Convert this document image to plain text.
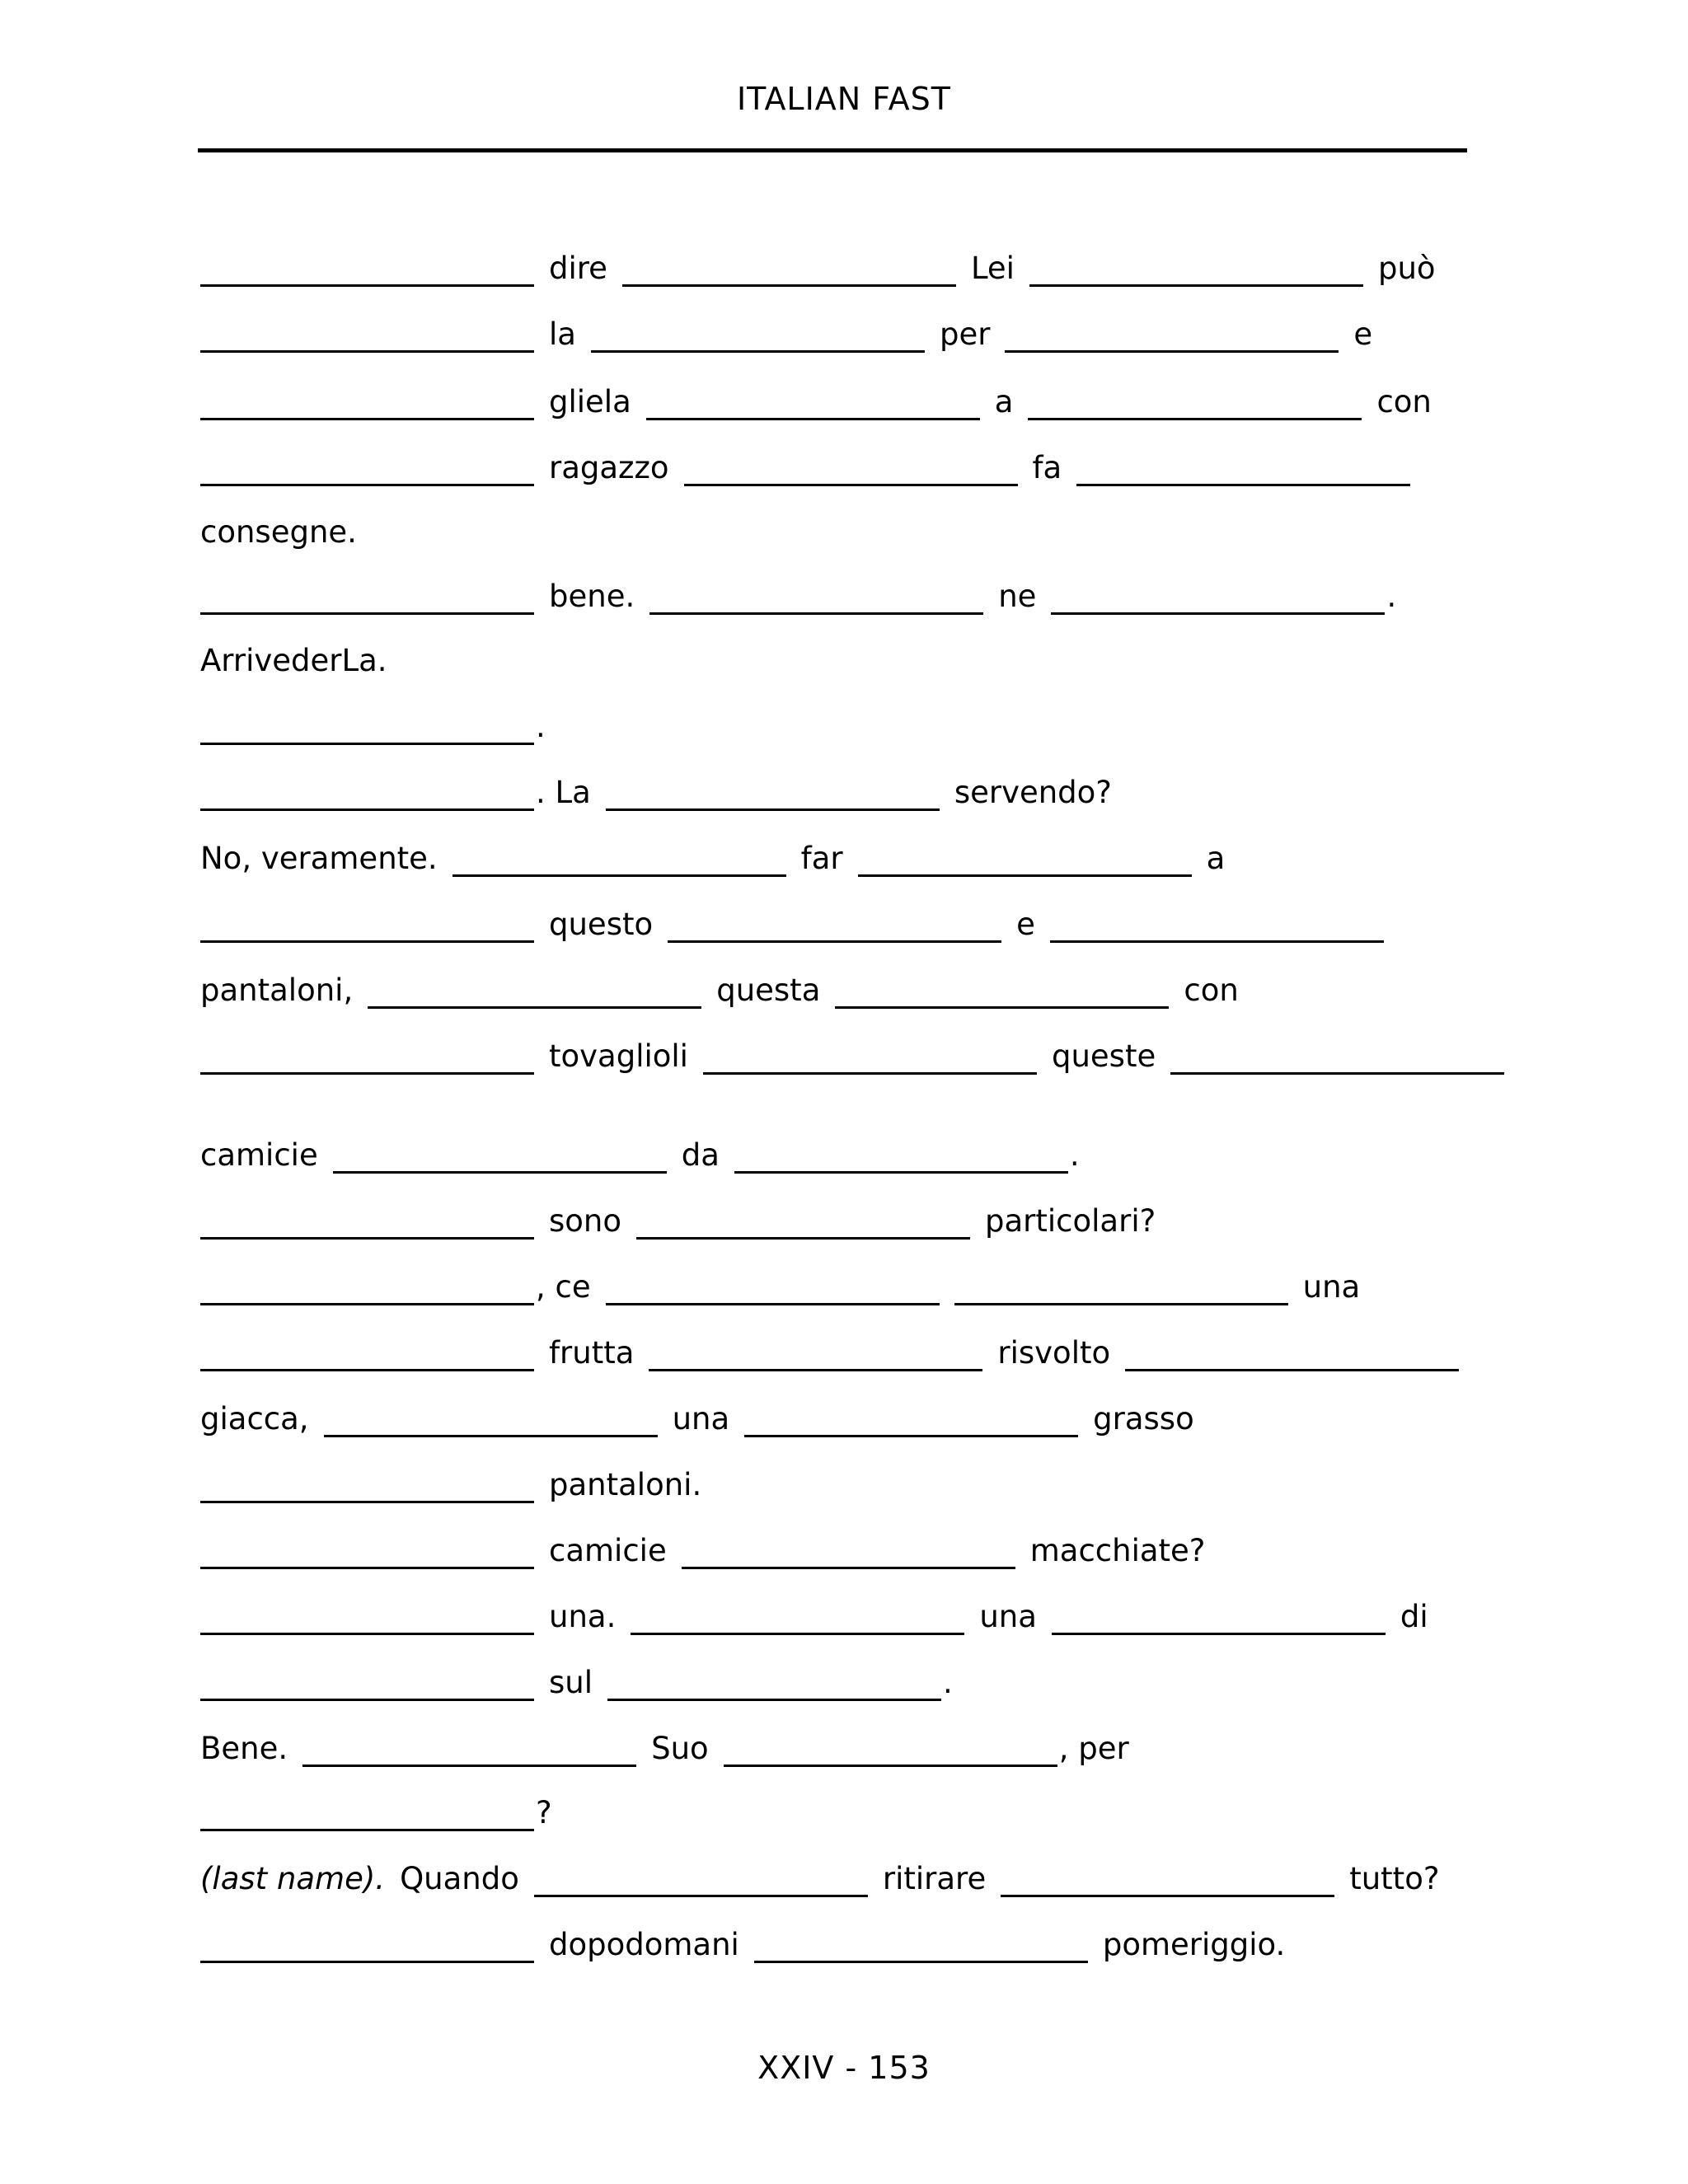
ITALIAN FAST
dire	Lei	può
la	per	e
gliela	a	con
ragazzo	fa
consegne.
bene.	ne	.
ArrivederLa.
.
. La	servendo?
No, veramente.	far	a
questo	e
pantaloni,	questa	con
tovaglioli	queste
camicie	da	.
sono	particolari?
, ce	una
frutta	risvolto
giacca,	una	grasso
pantaloni.
camicie	macchiate?
una.	una	di
sul	.
Bene.	Suo	, per
?
(last name). Quando	ritirare	tutto?
dopodomani	pomeriggio.
XXIV - 153
